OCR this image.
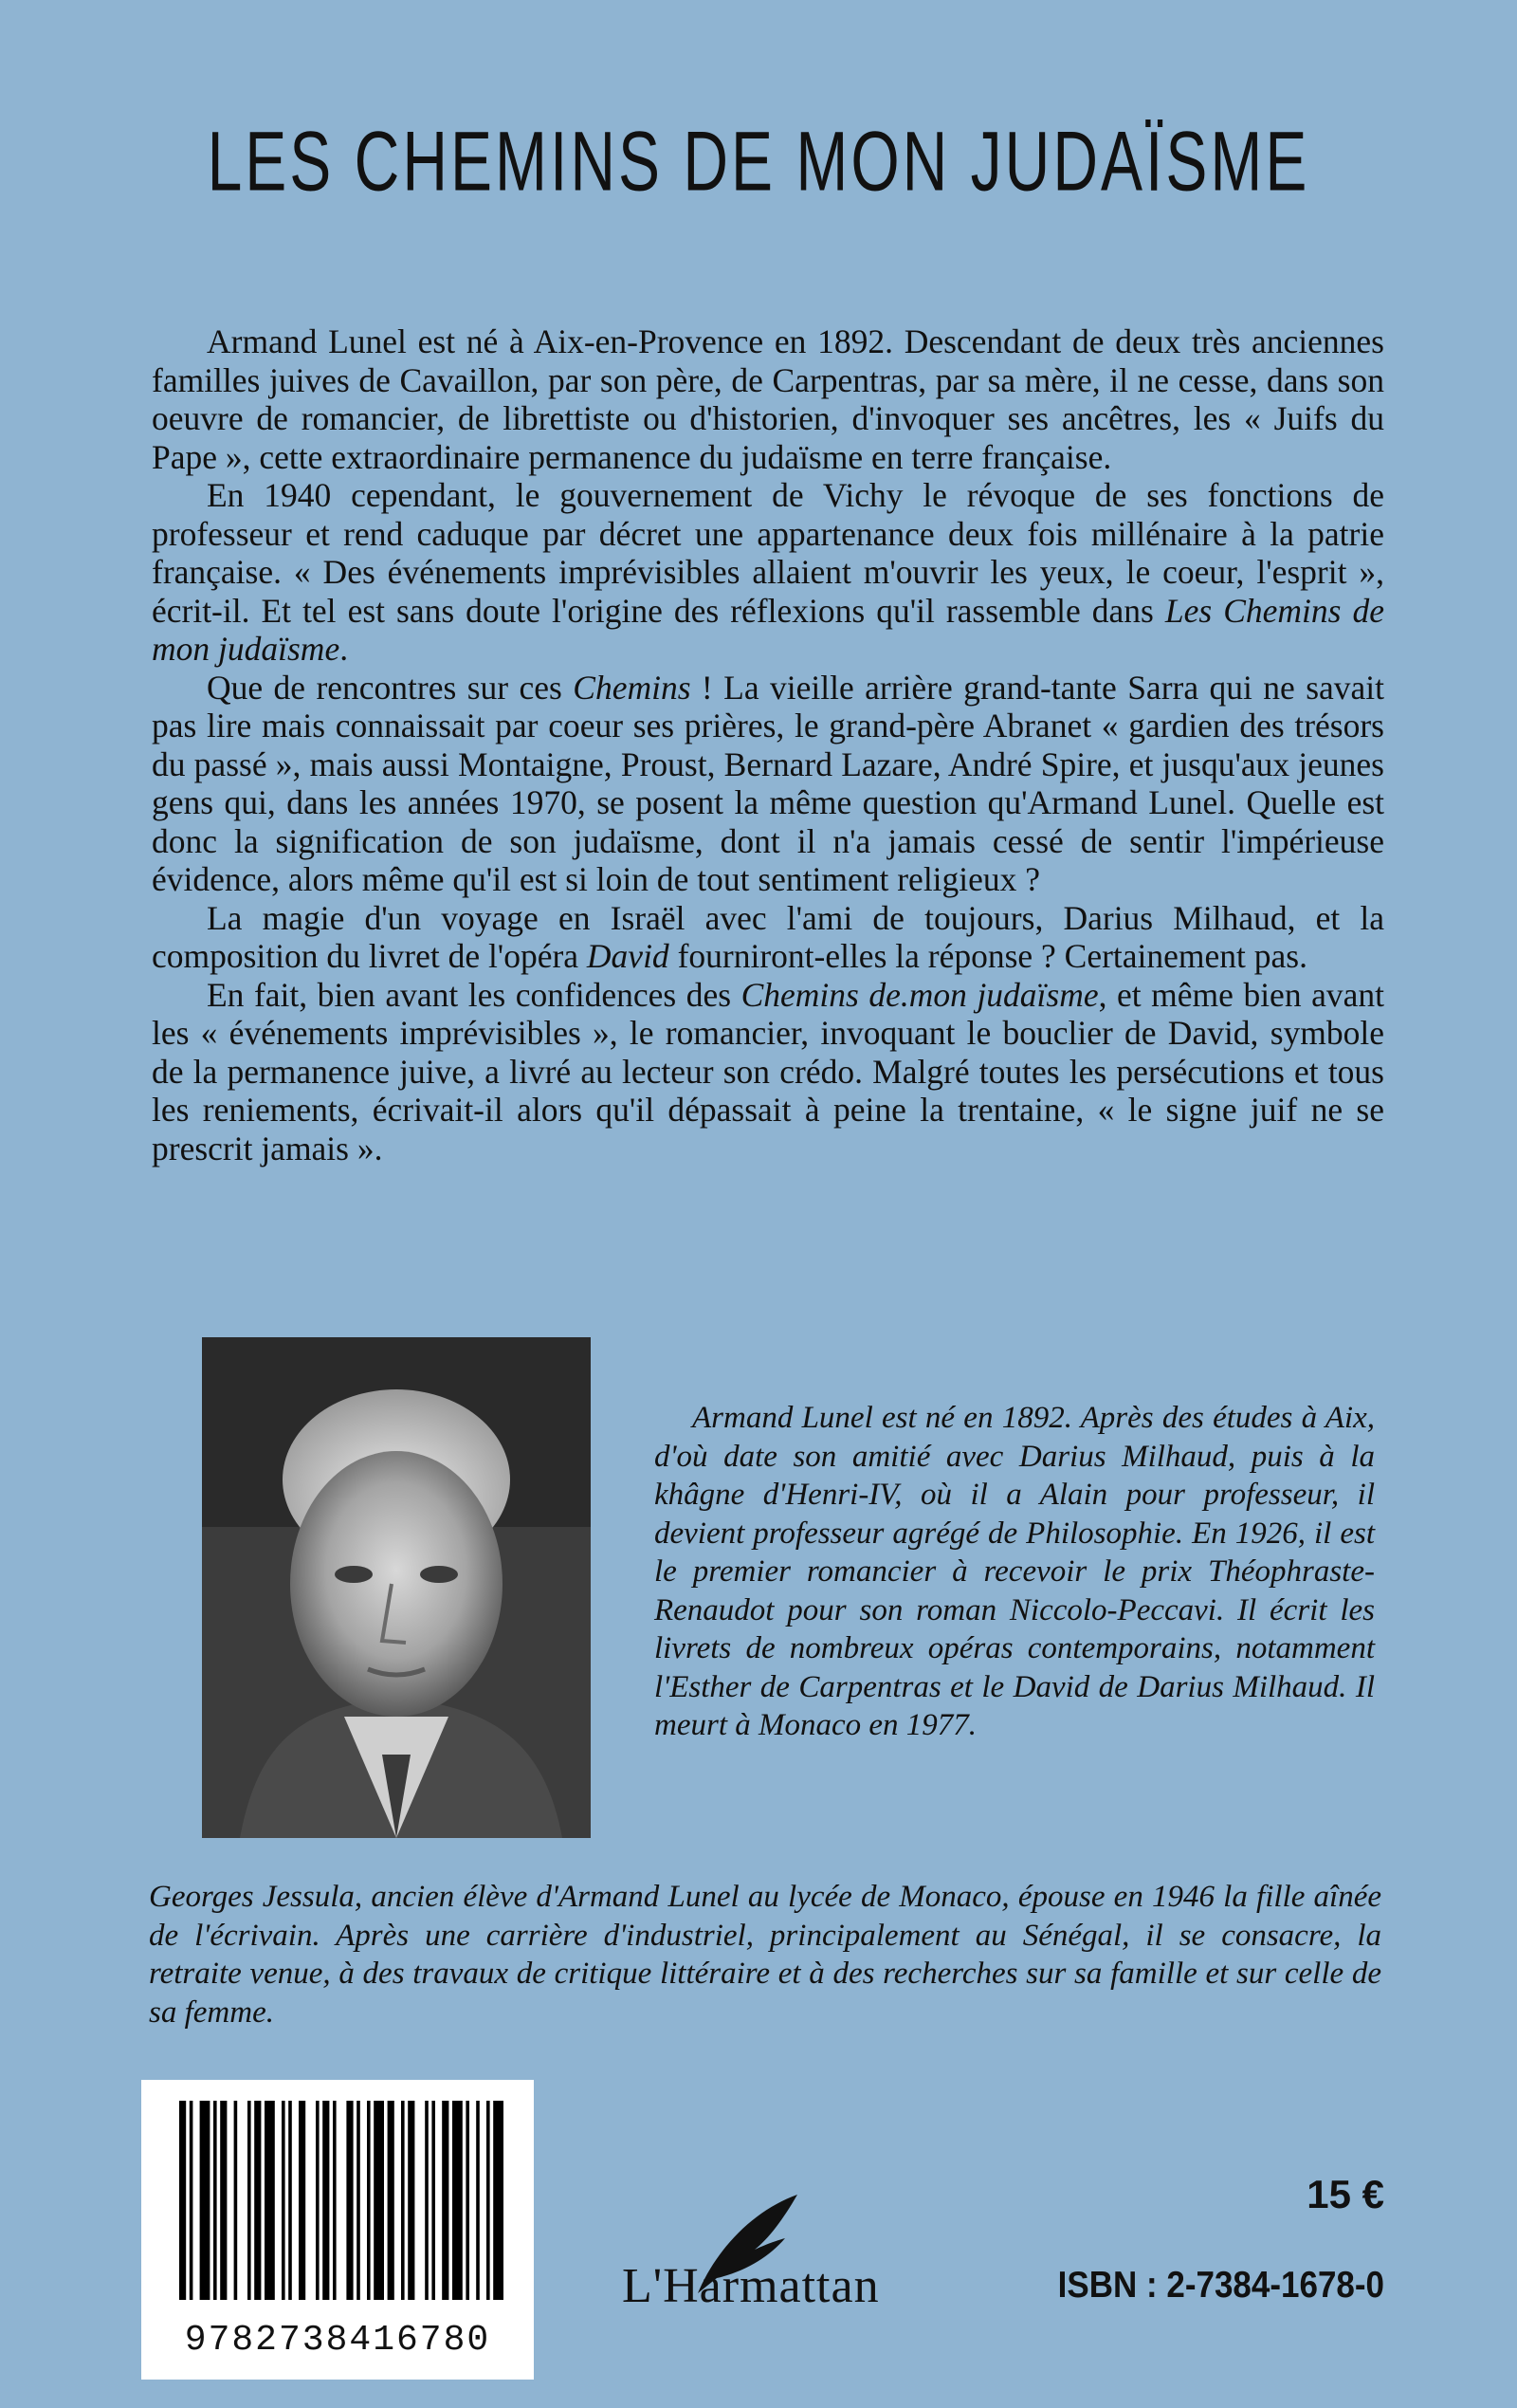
LES CHEMINS DE MON JUDAÏSME

Armand Lunel est né à Aix-en-Provence en 1892. Descendant de deux très anciennes familles juives de Cavaillon, par son père, de Carpentras, par sa mère, il ne cesse, dans son oeuvre de romancier, de librettiste ou d'historien, d'invoquer ses ancêtres, les « Juifs du Pape », cette extraordinaire permanence du judaïsme en terre française.

En 1940 cependant, le gouvernement de Vichy le révoque de ses fonctions de professeur et rend caduque par décret une appartenance deux fois millénaire à la patrie française. « Des événements imprévisibles allaient m'ouvrir les yeux, le coeur, l'esprit », écrit-il. Et tel est sans doute l'origine des réflexions qu'il rassemble dans Les Chemins de mon judaïsme.

Que de rencontres sur ces Chemins ! La vieille arrière grand-tante Sarra qui ne savait pas lire mais connaissait par coeur ses prières, le grand-père Abranet « gardien des trésors du passé », mais aussi Montaigne, Proust, Bernard Lazare, André Spire, et jusqu'aux jeunes gens qui, dans les années 1970, se posent la même question qu'Armand Lunel. Quelle est donc la signification de son judaïsme, dont il n'a jamais cessé de sentir l'impérieuse évidence, alors même qu'il est si loin de tout sentiment religieux ?

La magie d'un voyage en Israël avec l'ami de toujours, Darius Milhaud, et la composition du livret de l'opéra David fourniront-elles la réponse ? Certainement pas.

En fait, bien avant les confidences des Chemins de.mon judaïsme, et même bien avant les « événements imprévisibles », le romancier, invoquant le bouclier de David, symbole de la permanence juive, a livré au lecteur son crédo. Malgré toutes les persécutions et tous les reniements, écrivait-il alors qu'il dépassait à peine la trentaine, « le signe juif ne se prescrit jamais ».

Armand Lunel est né en 1892. Après des études à Aix, d'où date son amitié avec Darius Milhaud, puis à la khâgne d'Henri-IV, où il a Alain pour professeur, il devient professeur agrégé de Philosophie. En 1926, il est le premier romancier à recevoir le prix Théophraste-Renaudot pour son roman Niccolo-Peccavi. Il écrit les livrets de nombreux opéras contemporains, notamment l'Esther de Carpentras et le David de Darius Milhaud. Il meurt à Monaco en 1977.
Georges Jessula, ancien élève d'Armand Lunel au lycée de Monaco, épouse en 1946 la fille aînée de l'écrivain. Après une carrière d'industriel, principalement au Sénégal, il se consacre, la retraite venue, à des travaux de critique littéraire et à des recherches sur sa famille et sur celle de sa femme.
9782738416780
L'Harmattan
15 €
ISBN : 2-7384-1678-0
